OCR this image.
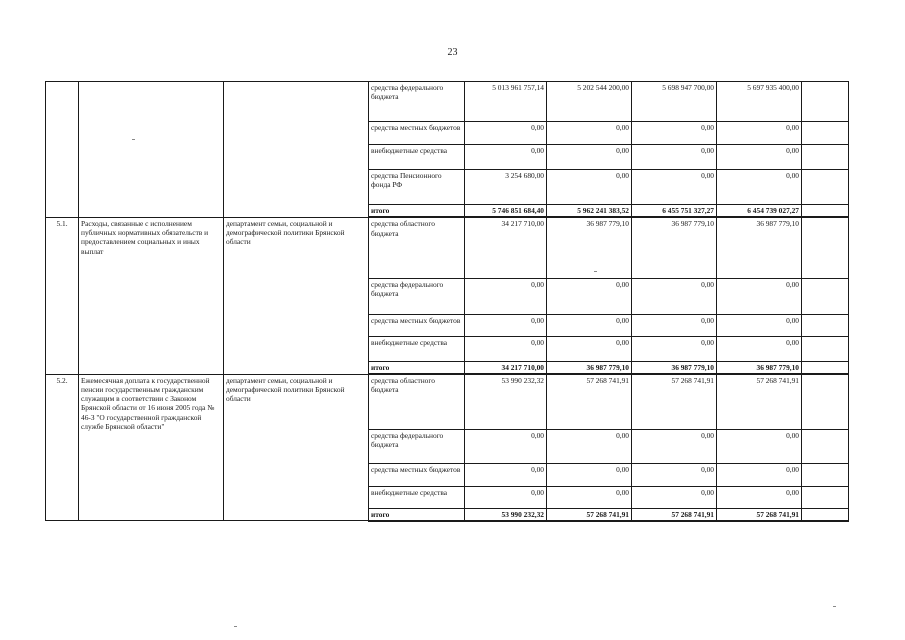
23
			средства федерального бюджета	5 013 961 757,14	5 202 544 200,00	5 698 947 700,00	5 697 935 400,00	
			средства местных бюджетов	0,00	0,00	0,00	0,00	
			внебюджетные средства	0,00	0,00	0,00	0,00	
			средства Пенсионного фонда РФ	3 254 680,00	0,00	0,00	0,00	
			итого	5 746 851 684,40	5 962 241 383,52	6 455 751 327,27	6 454 739 027,27	
5.1.	Расходы, связанные с исполнением публичных нормативных обязательств и предоставлением социальных и иных выплат	департамент семьи, социальной и демографической политики Брянской области	средства областного бюджета	34 217 710,00	36 987 779,10	36 987 779,10	36 987 779,10	
			средства федерального бюджета	0,00	0,00	0,00	0,00	
			средства местных бюджетов	0,00	0,00	0,00	0,00	
			внебюджетные средства	0,00	0,00	0,00	0,00	
			итого	34 217 710,00	36 987 779,10	36 987 779,10	36 987 779,10	
5.2.	Ежемесячная доплата к государственной пенсии государственным гражданским служащим в соответствии с Законом Брянской области от 16 июня 2005 года № 46-З "О государственной гражданской службе Брянской области"	департамент семьи, социальной и демографической политики Брянской области	средства областного бюджета	53 990 232,32	57 268 741,91	57 268 741,91	57 268 741,91	
			средства федерального бюджета	0,00	0,00	0,00	0,00	
			средства местных бюджетов	0,00	0,00	0,00	0,00	
			внебюджетные средства	0,00	0,00	0,00	0,00	
			итого	53 990 232,32	57 268 741,91	57 268 741,91	57 268 741,91	
